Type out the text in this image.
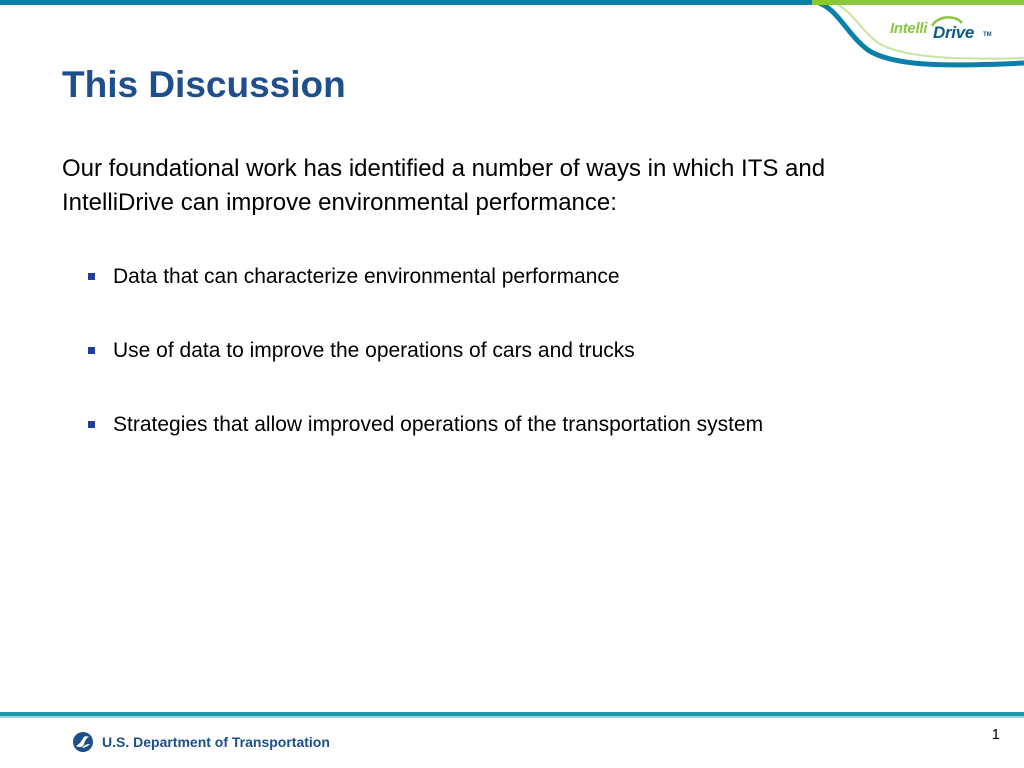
Intelli Drive TM
This Discussion

Our foundational work has identified a number of ways in which ITS and IntelliDrive can improve environmental performance:

Data that can characterize environmental performance
Use of data to improve the operations of cars and trucks
Strategies that allow improved operations of the transportation system
U.S. Department of Transportation	1
